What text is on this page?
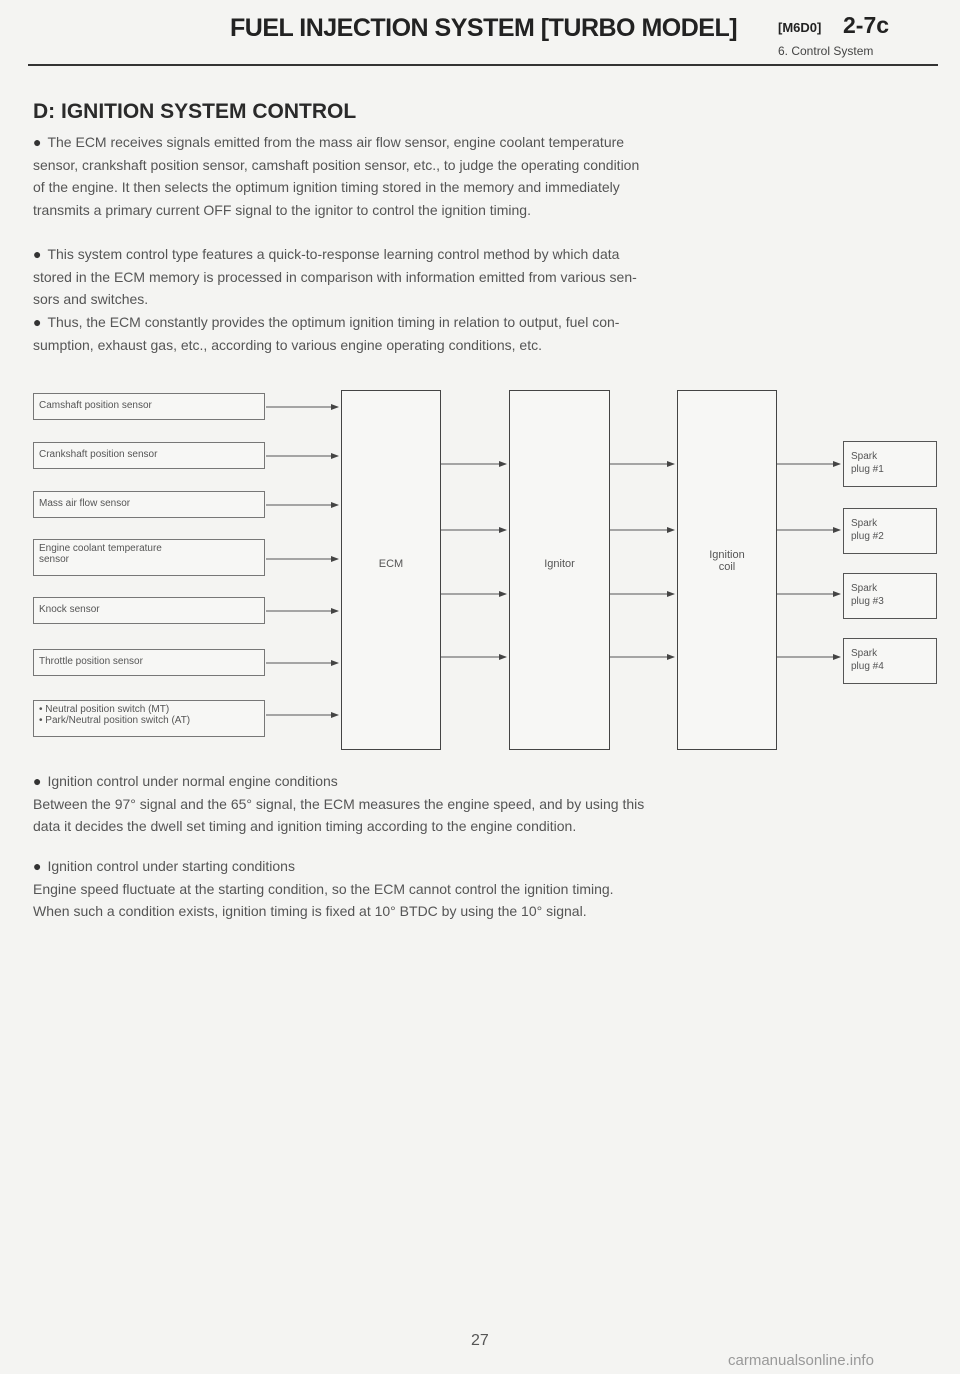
FUEL INJECTION SYSTEM [TURBO MODEL]	[M6D0] 2-7c
6. Control System
D: IGNITION SYSTEM CONTROL
● The ECM receives signals emitted from the mass air flow sensor, engine coolant temperature
sensor, crankshaft position sensor, camshaft position sensor, etc., to judge the operating condition
of the engine. It then selects the optimum ignition timing stored in the memory and immediately
transmits a primary current OFF signal to the ignitor to control the ignition timing.
● This system control type features a quick-to-response learning control method by which data
stored in the ECM memory is processed in comparison with information emitted from various sen-
sors and switches.
● Thus, the ECM constantly provides the optimum ignition timing in relation to output, fuel con-
sumption, exhaust gas, etc., according to various engine operating conditions, etc.
Camshaft position sensor
Crankshaft position sensor
Mass air flow sensor
Engine coolant temperature
sensor
Knock sensor
Throttle position sensor
• Neutral position switch (MT)
• Park/Neutral position switch (AT)
ECM	Ignitor
Ignition
coil
Spark
plug #1
Spark
plug #2
Spark
plug #3
Spark
plug #4
● Ignition control under normal engine conditions
Between the 97° signal and the 65° signal, the ECM measures the engine speed, and by using this
data it decides the dwell set timing and ignition timing according to the engine condition.
● Ignition control under starting conditions
Engine speed fluctuate at the starting condition, so the ECM cannot control the ignition timing.
When such a condition exists, ignition timing is fixed at 10° BTDC by using the 10° signal.
27
carmanualsonline.info
